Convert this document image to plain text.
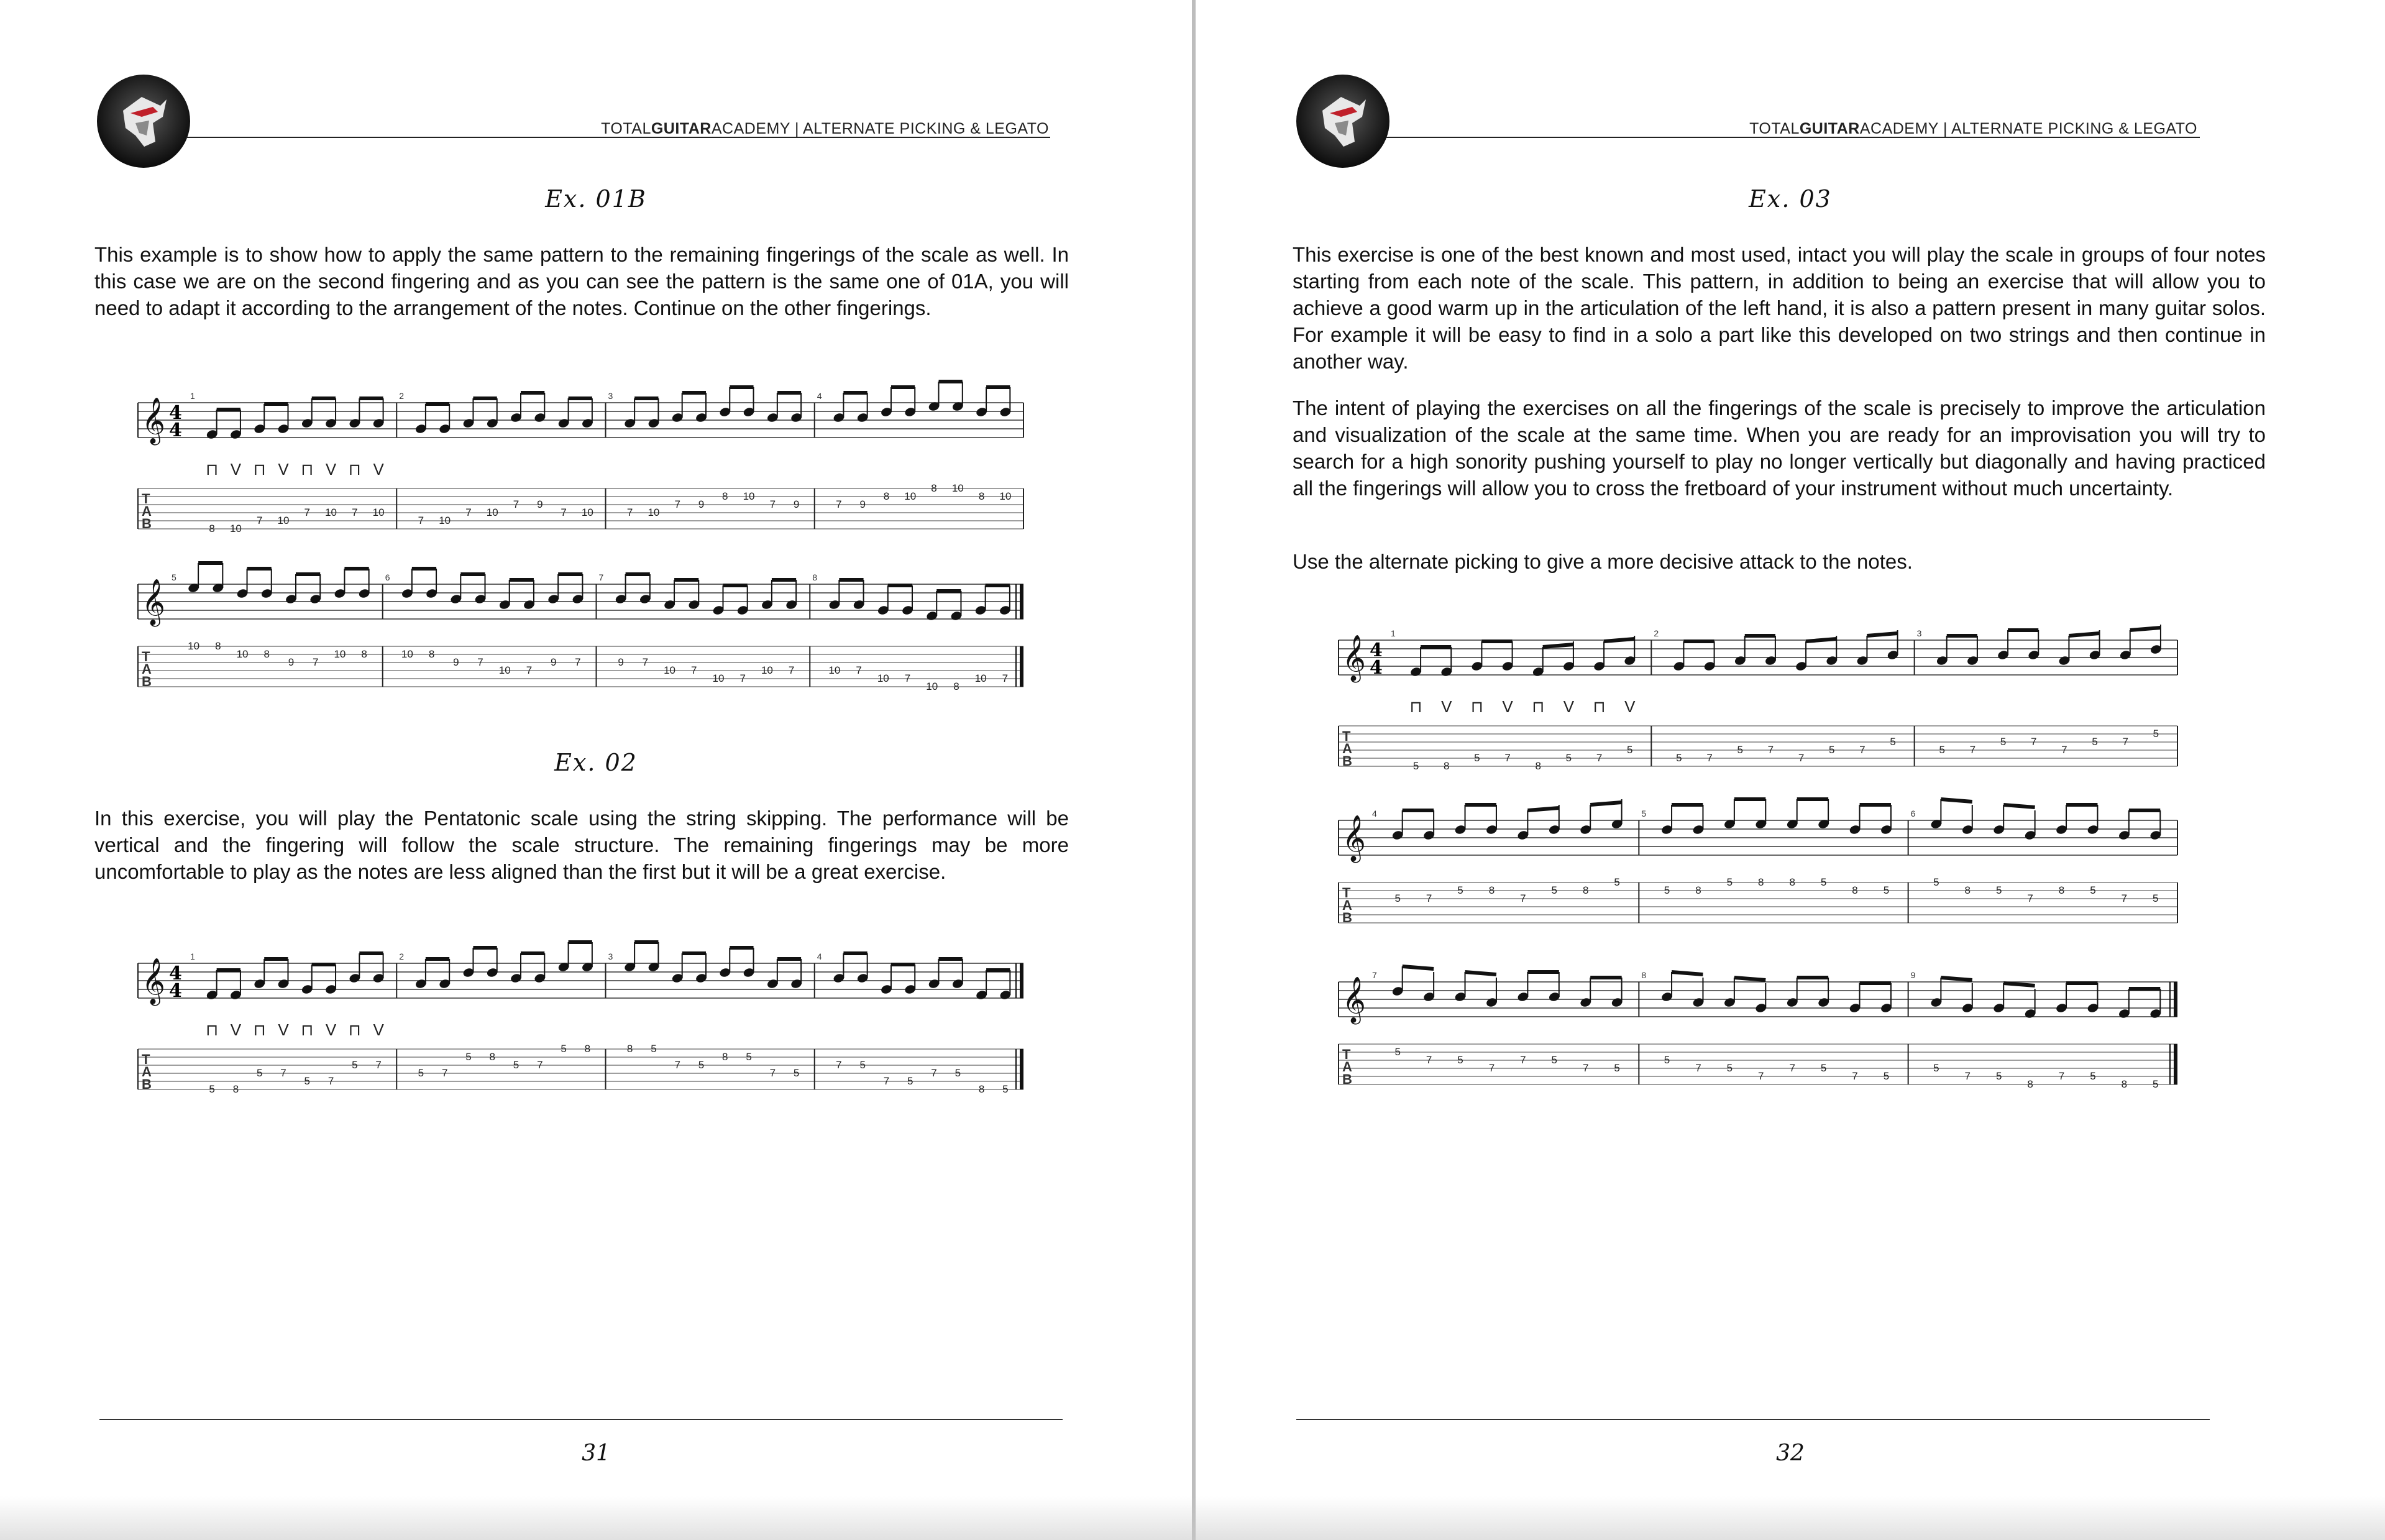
TOTALGUITARACADEMY | ALTERNATE PICKING & LEGATO
Ex. 01B

This example is to show how to apply the same pattern to the remaining fingerings of the scale as well. In this case we are on the second fingering and as you can see the pattern is the same one of 01A, you will need to adapt it according to the arrangement of the notes. Continue on the other fingerings.

𝄞 4
4
T
A
B
1
8
⊓
10
V
7
⊓
10
V
7
⊓
10
V
7
⊓
10
V
2
7 10
7 10
7 9
7 10
3
7 10
7 9
8 10
7 9
4
7 9
8 10
8 10
8 10
𝄞
T
A
B
5
10 8
10 8
9 7
10 8
6
10 8
9 7
10 7
9 7
7
9 7
10 7
10 7
10 7
8
10 7
10 7
10 8
10 7
Ex. 02

In this exercise, you will play the Pentatonic scale using the string skipping. The performance will be vertical and the fingering will follow the scale structure. The remaining fingerings may be more uncomfortable to play as the notes are less aligned than the first but it will be a great exercise.

𝄞 4
4
T
A
B
1
5
⊓
8
V
5
⊓
7
V
5
⊓
7
V
5
⊓
7
V
2
5 7
5 8
5 7
5 8
3
8 5
7 5
8 5
7 5
4
7 5
7 5
7 5
8 5
31
TOTALGUITARACADEMY | ALTERNATE PICKING & LEGATO
Ex. 03

This exercise is one of the best known and most used, intact you will play the scale in groups of four notes starting from each note of the scale. This pattern, in addition to being an exercise that will allow you to achieve a good warm up in the articulation of the left hand, it is also a pattern present in many guitar solos. For example it will be easy to find in a solo a part like this developed on two strings and then continue in another way.

The intent of playing the exercises on all the fingerings of the scale is precisely to improve the articulation and visualization of the scale at the same time. When you are ready for an improvisation you will try to search for a high sonority pushing yourself to play no longer vertically but diagonally and having practiced all the fingerings will allow you to cross the fretboard of your instrument without much uncertainty.

Use the alternate picking to give a more decisive attack to the notes.

𝄞 4
4
T
A
B
1
5
⊓
8
V
5
⊓
7
V
8
⊓
5
V
7
⊓
5
V
2
5 7
5 7
7
5 7
5
3
5 7
5 7
7
5 7
5
𝄞
T
A
B
4
5 7
5 8
7
5 8
5
5
5 8
5 8 8 5
8 5
6
5
8 5
7
8 5
7 5
𝄞
T
A
B
7
5
7 5
7
7 5
7 5
8
5
7 5
7
7 5
7 5
9
5
7 5
8
7 5
8 5
32
